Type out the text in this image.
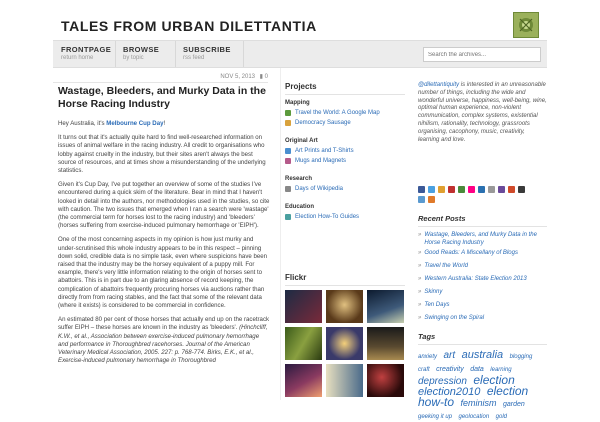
TALES FROM URBAN DILETTANTIA
FRONTPAGE
return home
BROWSE
by topic
SUBSCRIBE
rss feed
Search the archives...
NOV 5, 2013 ▮ 0
Wastage, Bleeders, and Murky Data in the Horse Racing Industry

Hey Australia, it's Melbourne Cup Day!

It turns out that it's actually quite hard to find well-researched information on issues of animal welfare in the racing industry. All credit to organisations who lobby against cruelty in the industry, but their sites aren't always the best source of resources, and at times show a misunderstanding of the underlying statistics.

Given it's Cup Day, I've put together an overview of some of the studies I've encountered during a quick skim of the literature. Bear in mind that I haven't looked in detail into the authors, nor methodologies used in the studies, so cite with caution. The two issues that emerged when I ran a search were 'wastage' (the commercial term for horses lost to the racing industry) and 'bleeders' (horses suffering from exercise-induced pulmonary hemorrhage or 'EIPH').

One of the most concerning aspects in my opinion is how just murky and under-scrutinised this whole industry appears to be in this respect – pinning down solid, credible data is no simple task, even where suspicions have been raised that the industry may be the horsey equivalent of a puppy mill. For example, there's very little information relating to the origin of horses sent to abattoirs. This is in part due to an glaring absence of record keeping, the complication of abattoirs frequently procuring horses via auctions rather than directly from from racing stables, and the fact that some of the relevant data (where it exists) is considered to be commercial in confidence.

An estimated 80 per cent of those horses that actually end up on the racetrack suffer EIPH – these horses are known in the industry as 'bleeders'. (Hinchcliff, K.W., et al., Association between exercise-induced pulmonary hemorrhage and performance in Thoroughbred racehorses. Journal of the American Veterinary Medical Association, 2005. 227: p. 768-774. Birks, E.K., et al., Exercise-induced pulmonary hemorrhage in Thoroughbred

Projects
Mapping
Travel the World: A Google Map
Democracy Sausage
Original Art
Art Prints and T-Shirts
Mugs and Magnets
Research
Days of Wikipedia
Education
Election How-To Guides
Flickr
@dilettantiquity is interested in an unreasonable number of things, including the wide and wonderful universe, happiness, well-being, wine, optimal human experience, non-violent communication, complex systems, existential nihilism, rationality, technology, grassroots organising, cacophony, music, creativity, learning and love.
Recent Posts
» Wastage, Bleeders, and Murky Data in the Horse Racing Industry
» Good Reads: A Miscellany of Blogs
» Travel the World
» Western Australia: State Election 2013
» Skinny
» Ten Days
» Swinging on the Spiral
Tags
anxiety art australia blogging craft creativity data learning depression election election2010 election how-to feminism garden geeking it up geolocation gold
